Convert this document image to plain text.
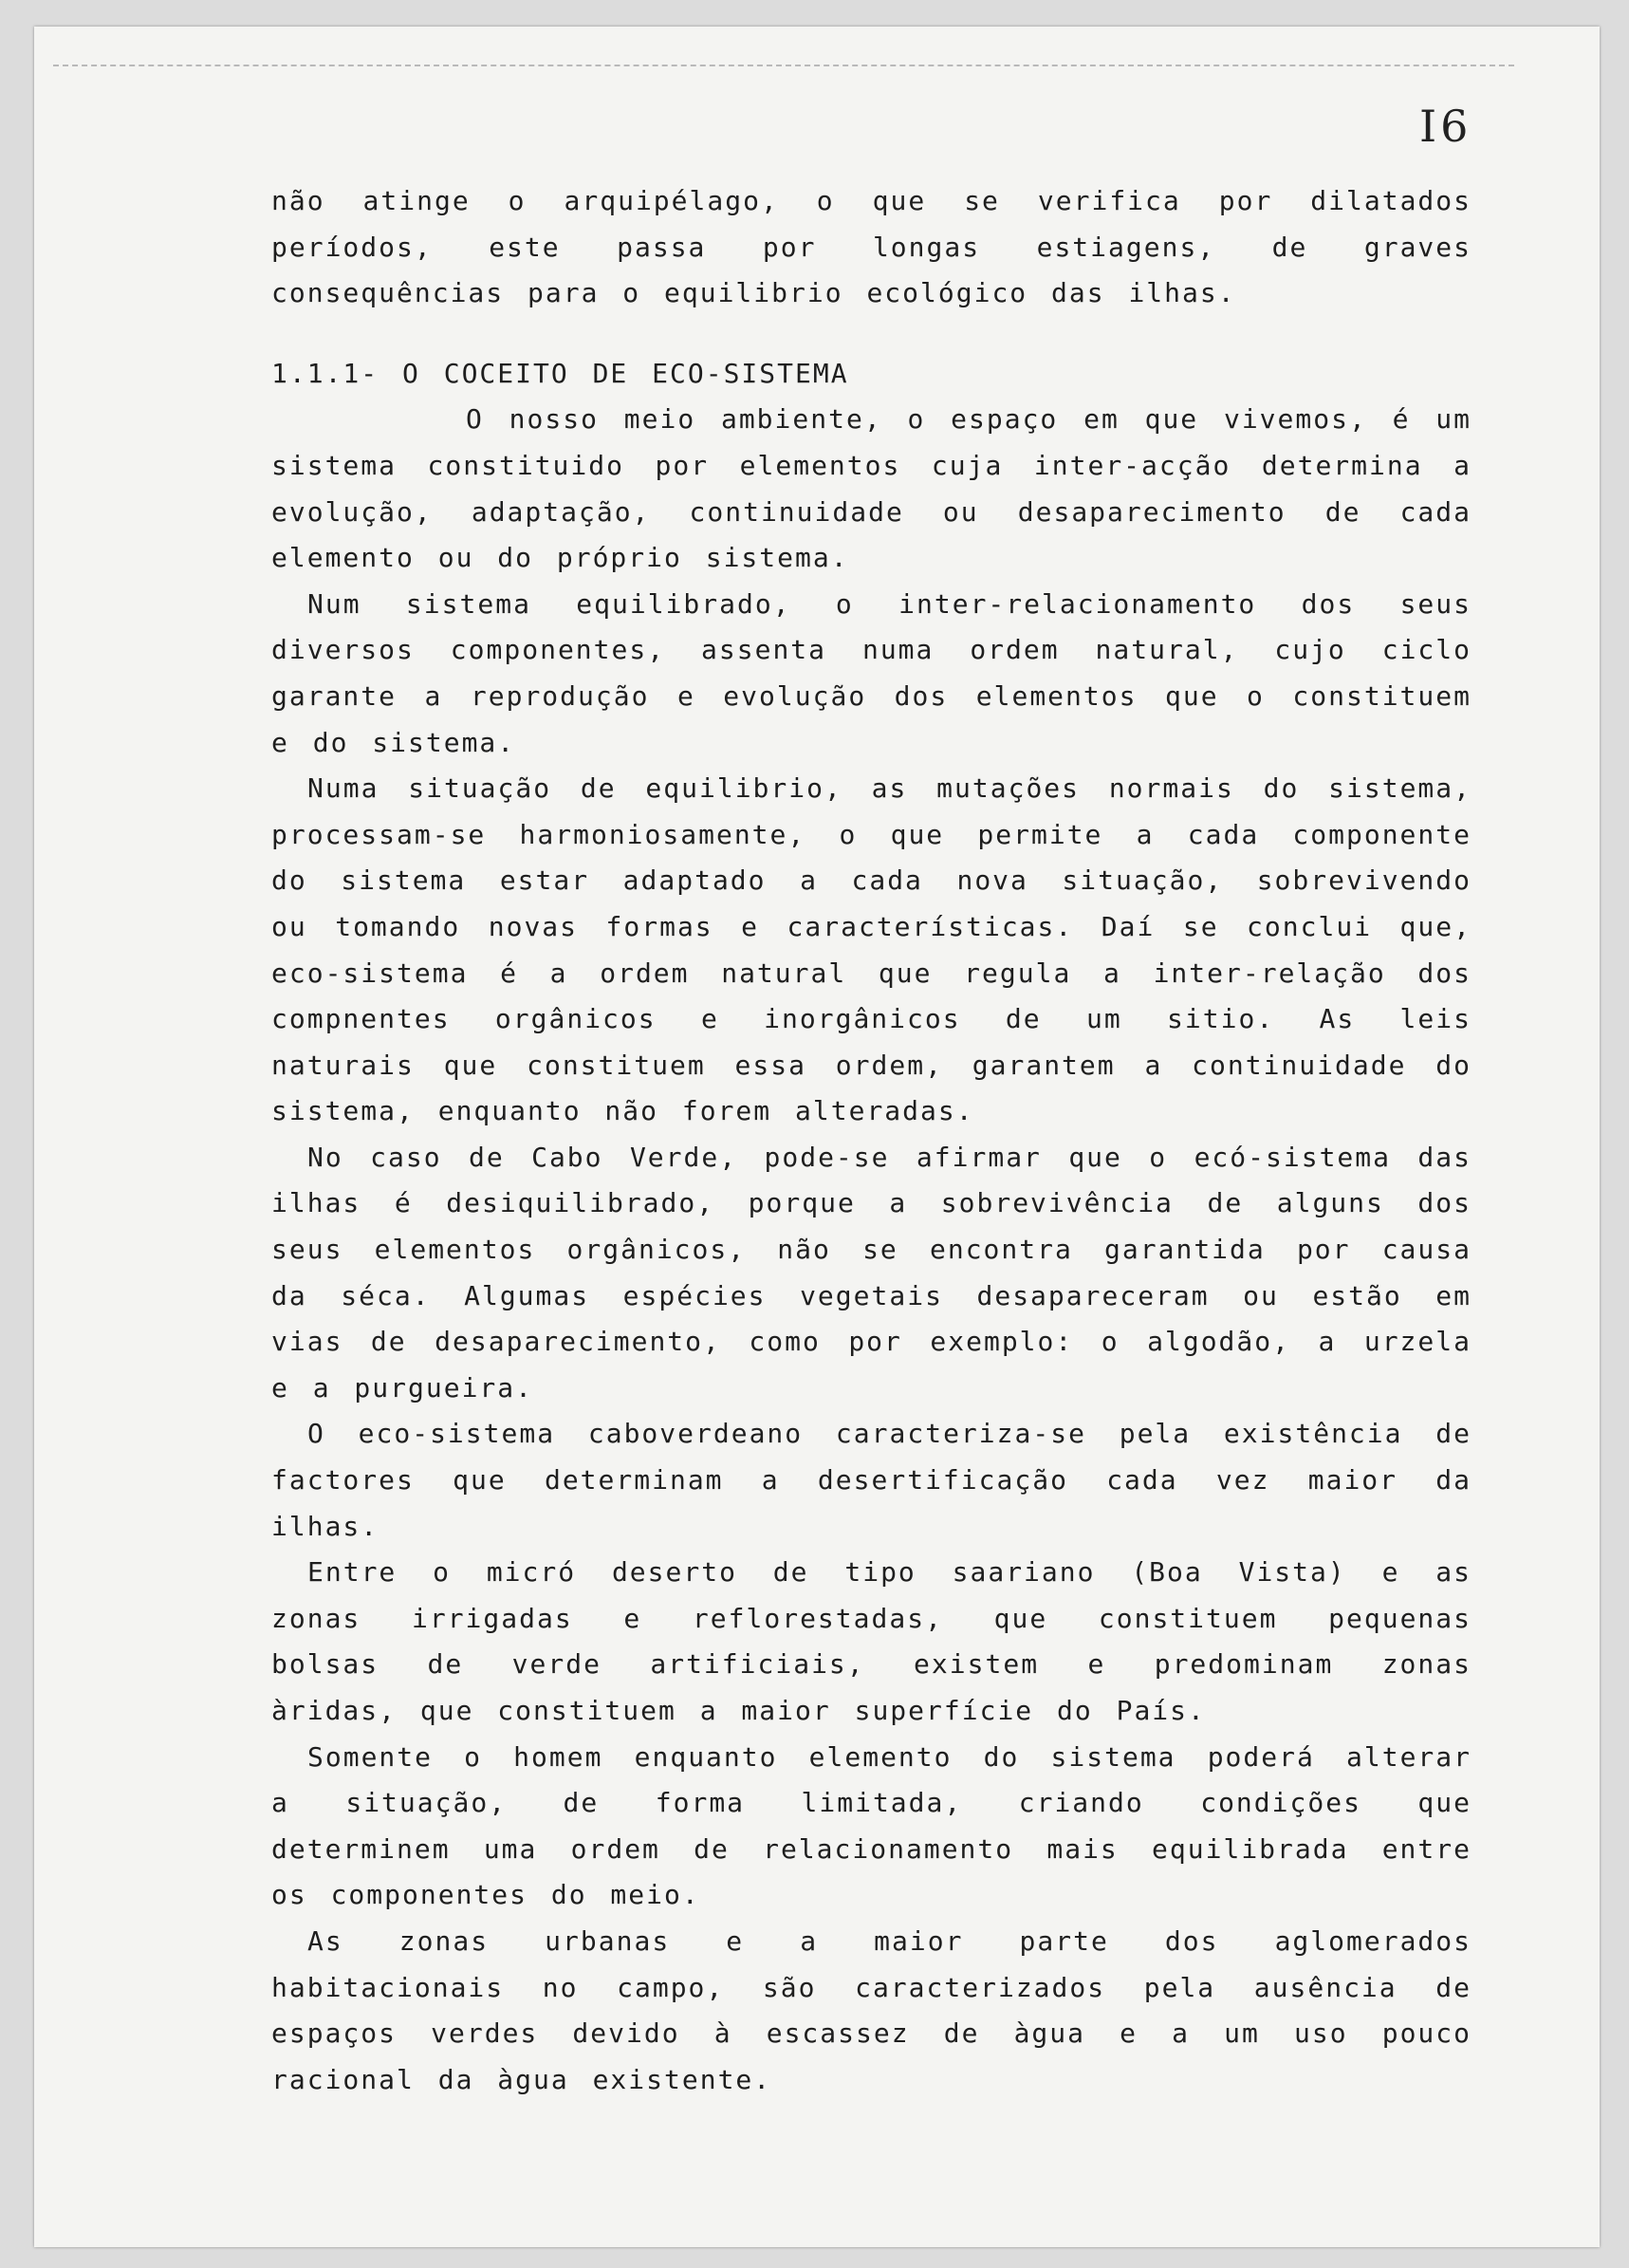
I6
não atinge o arquipélago, o que se verifica por dilatados
períodos, este passa por longas estiagens, de graves
consequências para o equilibrio ecológico das ilhas.
1.1.1- O COCEITO DE ECO-SISTEMA
O nosso meio ambiente, o espaço em que vivemos, é um
sistema constituido por elementos cuja inter-acção determina a
evolução, adaptação, continuidade ou desaparecimento de cada
elemento ou do próprio sistema.
Num sistema equilibrado, o inter-relacionamento dos seus
diversos componentes, assenta numa ordem natural, cujo ciclo
garante a reprodução e evolução dos elementos que o constituem
e do sistema.
Numa situação de equilibrio, as mutações normais do sistema,
processam-se harmoniosamente, o que permite a cada componente
do sistema estar adaptado a cada nova situação, sobrevivendo
ou tomando novas formas e características. Daí se conclui que,
eco-sistema é a ordem natural que regula a inter-relação dos
compnentes orgânicos e inorgânicos de um sitio. As leis
naturais que constituem essa ordem, garantem a continuidade do
sistema, enquanto não forem alteradas.
No caso de Cabo Verde, pode-se afirmar que o ecó-sistema das
ilhas é desiquilibrado, porque a sobrevivência de alguns dos
seus elementos orgânicos, não se encontra garantida por causa
da séca. Algumas espécies vegetais desapareceram ou estão em
vias de desaparecimento, como por exemplo: o algodão, a urzela
e a purgueira.
O eco-sistema caboverdeano caracteriza-se pela existência de
factores que determinam a desertificação cada vez maior da
ilhas.
Entre o micró deserto de tipo saariano (Boa Vista) e as
zonas irrigadas e reflorestadas, que constituem pequenas
bolsas de verde artificiais, existem e predominam zonas
àridas, que constituem a maior superfície do País.
Somente o homem enquanto elemento do sistema poderá alterar
a situação, de forma limitada, criando condições que
determinem uma ordem de relacionamento mais equilibrada entre
os componentes do meio.
As zonas urbanas e a maior parte dos aglomerados
habitacionais no campo, são caracterizados pela ausência de
espaços verdes devido à escassez de àgua e a um uso pouco
racional da àgua existente.
